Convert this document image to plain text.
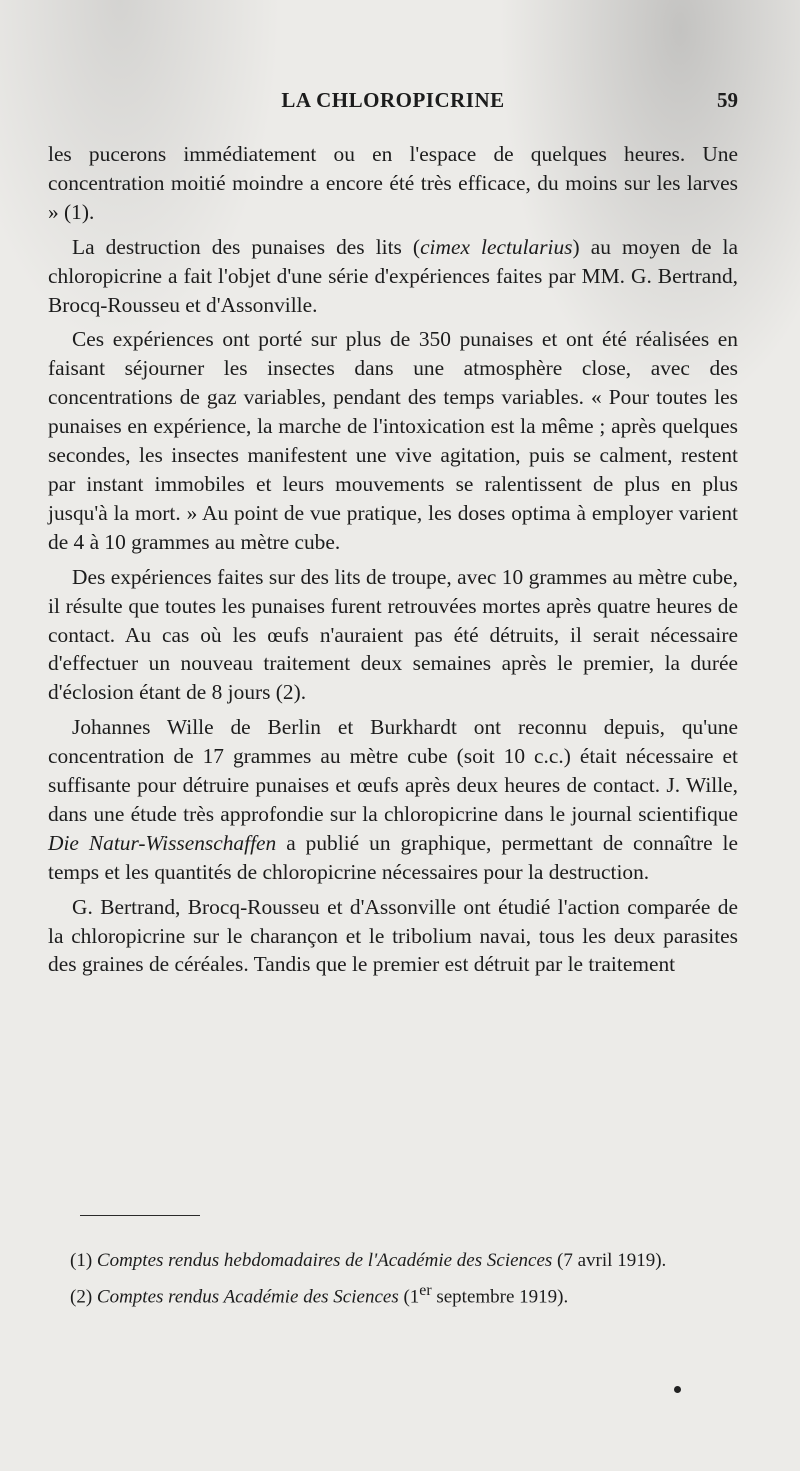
LA CHLOROPICRINE	59

les pucerons immédiatement ou en l'espace de quelques heures. Une concentration moitié moindre a encore été très efficace, du moins sur les larves » (1).

La destruction des punaises des lits (cimex lectularius) au moyen de la chloropicrine a fait l'objet d'une série d'expériences faites par MM. G. Bertrand, Brocq-Rousseu et d'Assonville.

Ces expériences ont porté sur plus de 350 punaises et ont été réalisées en faisant séjourner les insectes dans une atmosphère close, avec des concentrations de gaz variables, pendant des temps variables. « Pour toutes les punaises en expérience, la marche de l'intoxication est la même ; après quelques secondes, les insectes manifestent une vive agitation, puis se calment, restent par instant immobiles et leurs mouvements se ralentissent de plus en plus jusqu'à la mort. » Au point de vue pratique, les doses optima à employer varient de 4 à 10 grammes au mètre cube.

Des expériences faites sur des lits de troupe, avec 10 grammes au mètre cube, il résulte que toutes les punaises furent retrouvées mortes après quatre heures de contact. Au cas où les œufs n'auraient pas été détruits, il serait nécessaire d'effectuer un nouveau traitement deux semaines après le premier, la durée d'éclosion étant de 8 jours (2).

Johannes Wille de Berlin et Burkhardt ont reconnu depuis, qu'une concentration de 17 grammes au mètre cube (soit 10 c.c.) était nécessaire et suffisante pour détruire punaises et œufs après deux heures de contact. J. Wille, dans une étude très approfondie sur la chloropicrine dans le journal scientifique Die Natur-Wissenschaffen a publié un graphique, permettant de connaître le temps et les quantités de chloropicrine nécessaires pour la destruction.

G. Bertrand, Brocq-Rousseu et d'Assonville ont étudié l'action comparée de la chloropicrine sur le charançon et le tribolium navai, tous les deux parasites des graines de céréales. Tandis que le premier est détruit par le traitement

(1) Comptes rendus hebdomadaires de l'Académie des Sciences (7 avril 1919).

(2) Comptes rendus Académie des Sciences (1er septembre 1919).
